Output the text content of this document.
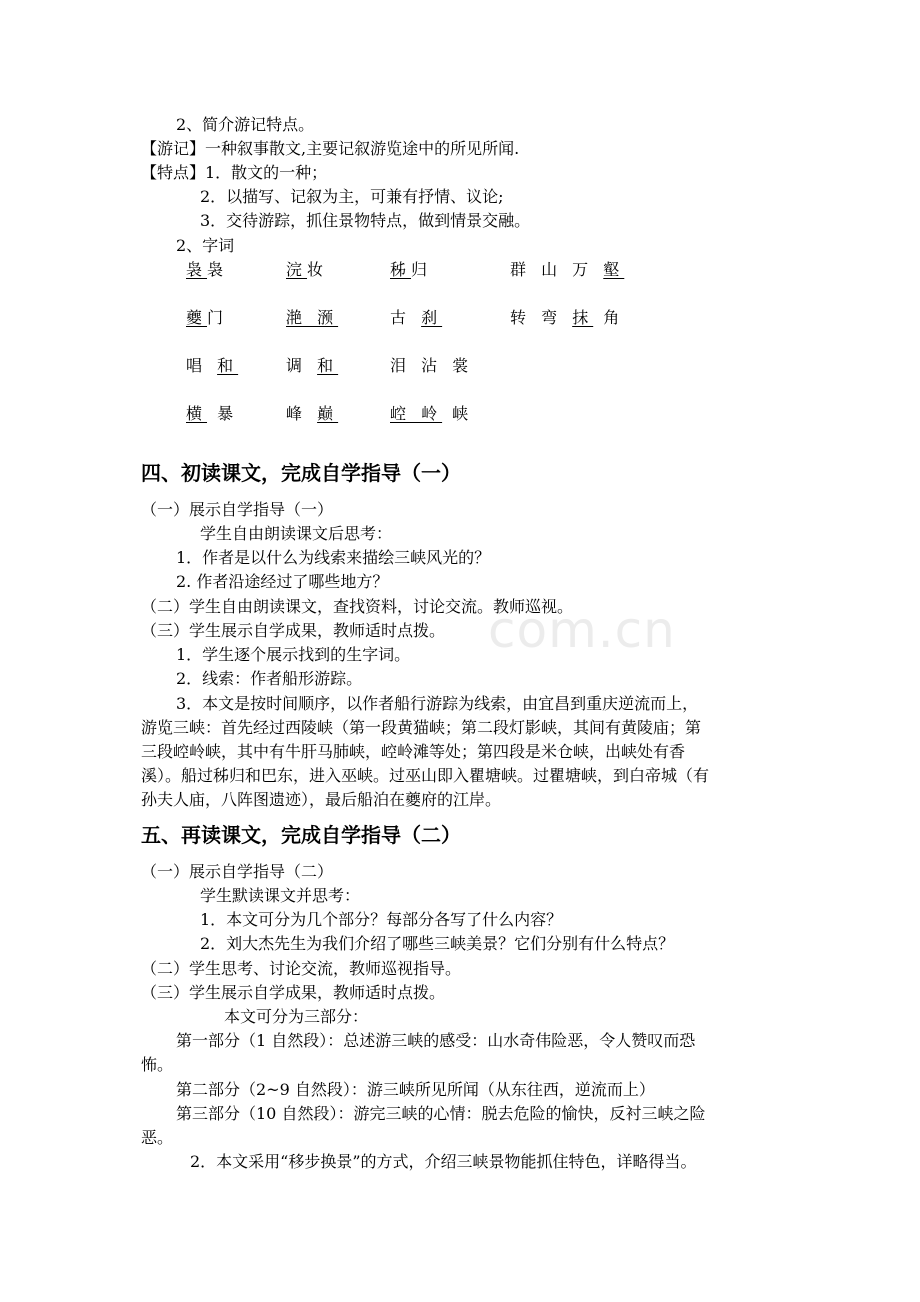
com.cn
2、简介游记特点。
【游记】一种叙事散文,主要记叙游览途中的所见所闻.
【特点】1．散文的一种；
2．以描写、记叙为主，可兼有抒情、议论;
3．交待游踪，抓住景物特点，做到情景交融。
2、字词
袅袅	浣妆	秭归	群 山 万 壑
夔门	滟 滪	古 刹	转 弯 抹 角
唱 和	调 和	泪 沾 裳
横 暴	峰 巅	崆 岭 峡
四、初读课文，完成自学指导（一）
（一）展示自学指导（一）
学生自由朗读课文后思考：
1．作者是以什么为线索来描绘三峡风光的？
2. 作者沿途经过了哪些地方？
（二）学生自由朗读课文，查找资料，讨论交流。教师巡视。
（三）学生展示自学成果，教师适时点拨。
1．学生逐个展示找到的生字词。
2．线索：作者船形游踪。
3．本文是按时间顺序，以作者船行游踪为线索，由宜昌到重庆逆流而上，
游览三峡：首先经过西陵峡（第一段黄猫峡；第二段灯影峡，其间有黄陵庙；第
三段崆岭峡，其中有牛肝马肺峡，崆岭滩等处；第四段是米仓峡，出峡处有香
溪）。船过秭归和巴东，进入巫峡。过巫山即入瞿塘峡。过瞿塘峡，到白帝城（有
孙夫人庙，八阵图遗迹），最后船泊在夔府的江岸。
五、再读课文，完成自学指导（二）
（一）展示自学指导（二）
学生默读课文并思考：
1．本文可分为几个部分？每部分各写了什么内容？
2．刘大杰先生为我们介绍了哪些三峡美景？它们分别有什么特点？
（二）学生思考、讨论交流，教师巡视指导。
（三）学生展示自学成果，教师适时点拨。
本文可分为三部分：
第一部分（1 自然段）：总述游三峡的感受：山水奇伟险恶，令人赞叹而恐
怖。
第二部分（2~9 自然段）：游三峡所见所闻（从东往西，逆流而上）
第三部分（10 自然段）：游完三峡的心情：脱去危险的愉快，反衬三峡之险
恶。
2．本文采用“移步换景”的方式，介绍三峡景物能抓住特色，详略得当。
